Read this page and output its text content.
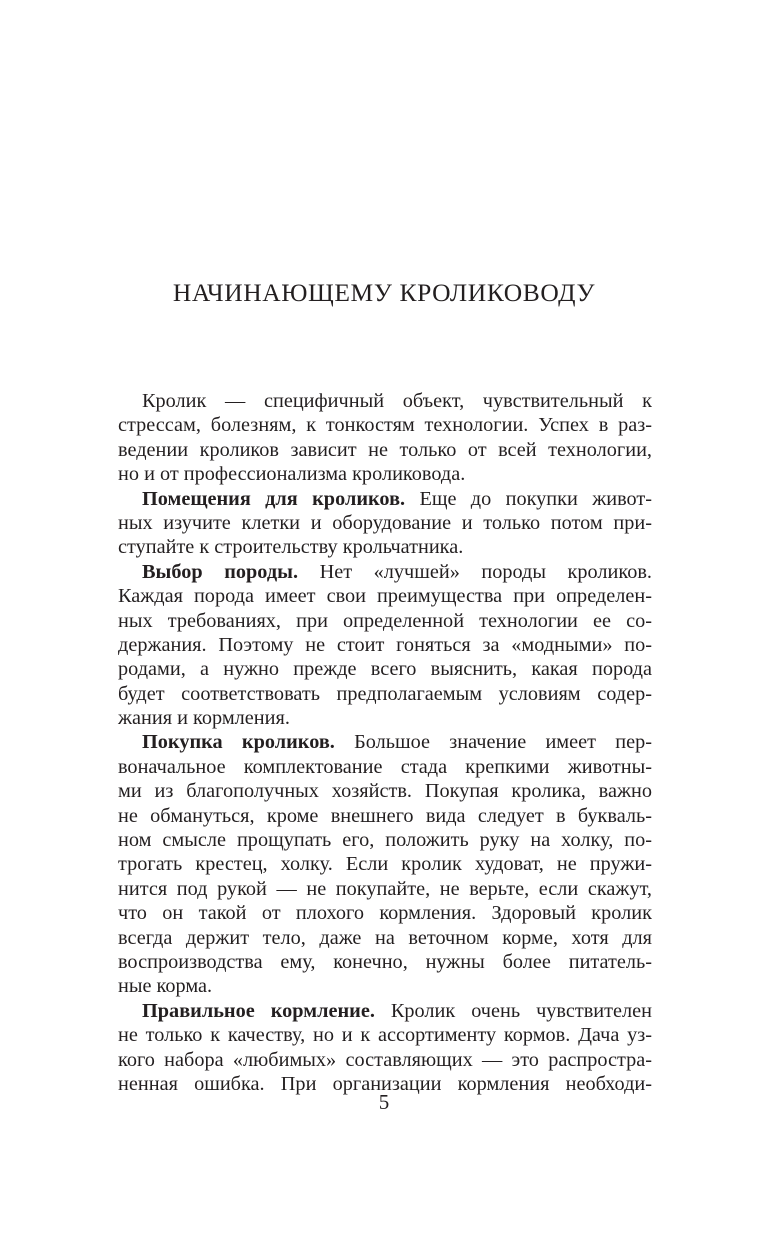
НАЧИНАЮЩЕМУ КРОЛИКОВОДУ
Кролик — специфичный объект, чувствительный к
стрессам, болезням, к тонкостям технологии. Успех в раз-
ведении кроликов зависит не только от всей технологии,
но и от профессионализма кролиководa.
Помещения для кроликов. Еще до покупки живот-
ных изучите клетки и оборудование и только потом при-
ступайте к строительству крольчатника.
Выбор породы. Нет «лучшей» породы кроликов.
Каждая порода имеет свои преимущества при определен-
ных требованиях, при определенной технологии ее со-
держания. Поэтому не стоит гоняться за «модными» по-
родами, а нужно прежде всего выяснить, какая порода
будет соответствовать предполагаемым условиям содер-
жания и кормления.
Покупка кроликов. Большое значение имеет пер-
воначальное комплектование стада крепкими животны-
ми из благополучных хозяйств. Покупая кролика, важно
не обмануться, кроме внешнего вида следует в букваль-
ном смысле прощупать его, положить руку на холку, по-
трогать крестец, холку. Если кролик худоват, не пружи-
нится под рукой — не покупайте, не верьте, если скажут,
что он такой от плохого кормления. Здоровый кролик
всегда держит тело, даже на веточном корме, хотя для
воспроизводства ему, конечно, нужны более питатель-
ные корма.
Правильное кормление. Кролик очень чувствителен
не только к качеству, но и к ассортименту кормов. Дача уз-
кого набора «любимых» составляющих — это распростра-
ненная ошибка. При организации кормления необходи-
5
